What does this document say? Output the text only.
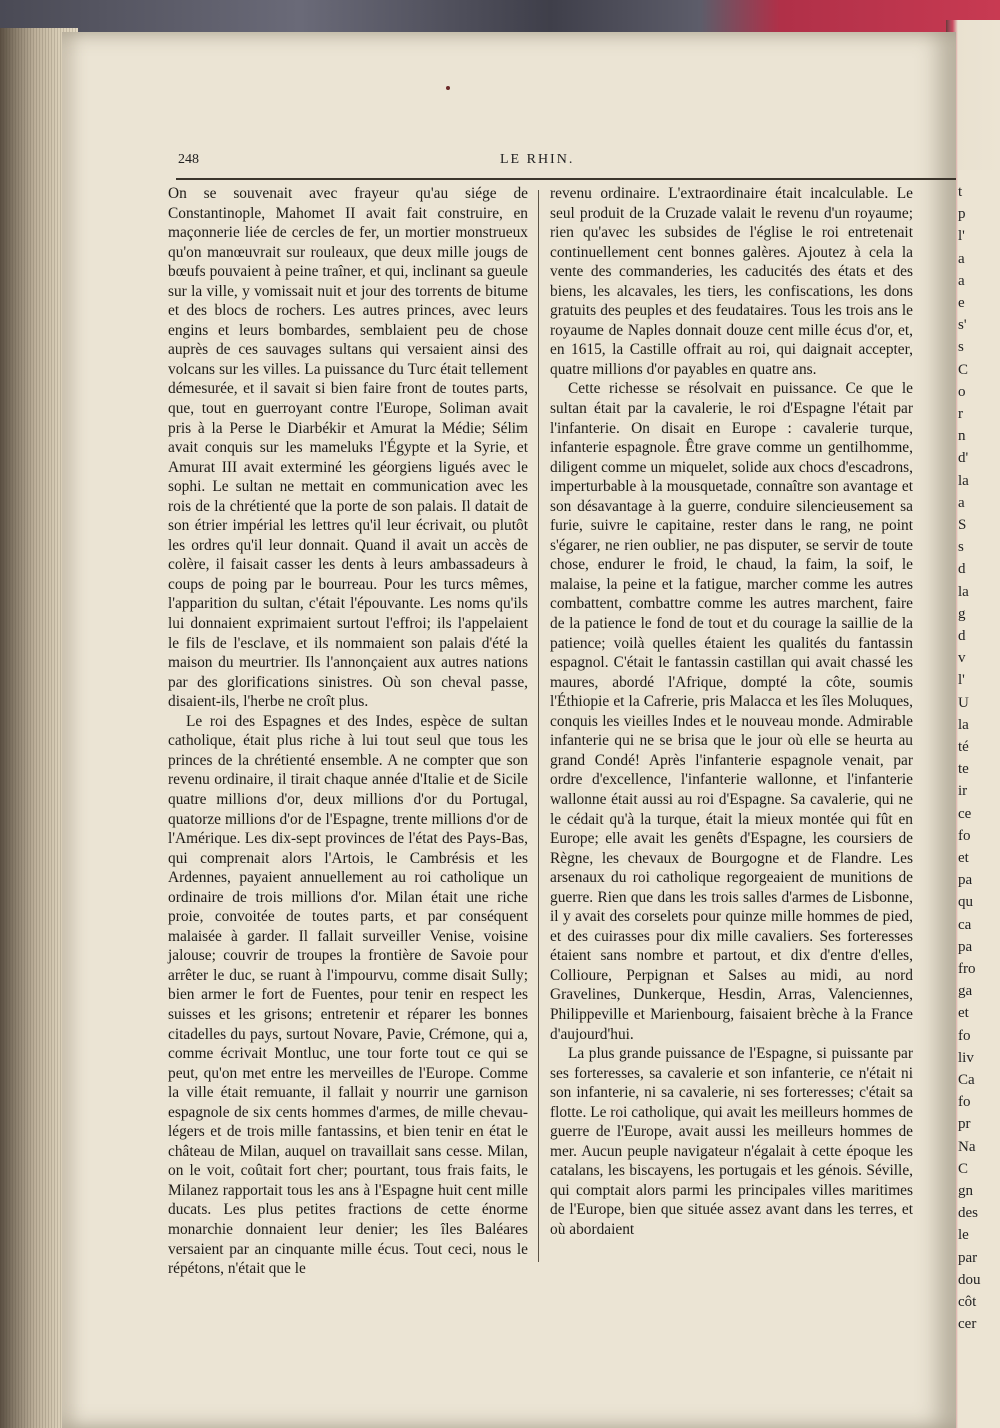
t
p
l'
a
a
e
s'
s
C
o
r
n
d'
la
a
S
s
d
la
g
d
v
l'
U
la
té
te
ir
ce
fo
et
pa
qu
ca
pa
fro
ga
et
fo
liv
Ca
fo
pr
Na
C
gn
des
le
par
dou
côt
cer
248	LE RHIN.

On se souvenait avec frayeur qu'au siége de Constantinople, Mahomet II avait fait construire, en maçonnerie liée de cercles de fer, un mortier monstrueux qu'on manœuvrait sur rouleaux, que deux mille jougs de bœufs pouvaient à peine traîner, et qui, inclinant sa gueule sur la ville, y vomissait nuit et jour des torrents de bitume et des blocs de rochers. Les autres princes, avec leurs engins et leurs bombardes, semblaient peu de chose auprès de ces sauvages sultans qui versaient ainsi des volcans sur les villes. La puissance du Turc était tellement démesurée, et il savait si bien faire front de toutes parts, que, tout en guerroyant contre l'Europe, Soliman avait pris à la Perse le Diarbékir et Amurat la Médie; Sélim avait conquis sur les mameluks l'Égypte et la Syrie, et Amurat III avait exterminé les géorgiens ligués avec le sophi. Le sultan ne mettait en communication avec les rois de la chrétienté que la porte de son palais. Il datait de son étrier impérial les lettres qu'il leur écrivait, ou plutôt les ordres qu'il leur donnait. Quand il avait un accès de colère, il faisait casser les dents à leurs ambassadeurs à coups de poing par le bourreau. Pour les turcs mêmes, l'apparition du sultan, c'était l'épouvante. Les noms qu'ils lui donnaient exprimaient surtout l'effroi; ils l'appelaient le fils de l'esclave, et ils nommaient son palais d'été la maison du meurtrier. Ils l'annonçaient aux autres nations par des glorifications sinistres. Où son cheval passe, disaient-ils, l'herbe ne croît plus.

Le roi des Espagnes et des Indes, espèce de sultan catholique, était plus riche à lui tout seul que tous les princes de la chrétienté ensemble. A ne compter que son revenu ordinaire, il tirait chaque année d'Italie et de Sicile quatre millions d'or, deux millions d'or du Portugal, quatorze millions d'or de l'Espagne, trente millions d'or de l'Amérique. Les dix-sept provinces de l'état des Pays-Bas, qui comprenait alors l'Artois, le Cambrésis et les Ardennes, payaient annuellement au roi catholique un ordinaire de trois millions d'or. Milan était une riche proie, convoitée de toutes parts, et par conséquent malaisée à garder. Il fallait surveiller Venise, voisine jalouse; couvrir de troupes la frontière de Savoie pour arrêter le duc, se ruant à l'impourvu, comme disait Sully; bien armer le fort de Fuentes, pour tenir en respect les suisses et les grisons; entretenir et réparer les bonnes citadelles du pays, surtout Novare, Pavie, Crémone, qui a, comme écrivait Montluc, une tour forte tout ce qui se peut, qu'on met entre les merveilles de l'Europe. Comme la ville était remuante, il fallait y nourrir une garnison espagnole de six cents hommes d'armes, de mille chevau-légers et de trois mille fantassins, et bien tenir en état le château de Milan, auquel on travaillait sans cesse. Milan, on le voit, coûtait fort cher; pourtant, tous frais faits, le Milanez rapportait tous les ans à l'Espagne huit cent mille ducats. Les plus petites fractions de cette énorme monarchie donnaient leur denier; les îles Baléares versaient par an cinquante mille écus. Tout ceci, nous le répétons, n'était que le

revenu ordinaire. L'extraordinaire était incalculable. Le seul produit de la Cruzade valait le revenu d'un royaume; rien qu'avec les subsides de l'église le roi entretenait continuellement cent bonnes galères. Ajoutez à cela la vente des commanderies, les caducités des états et des biens, les alcavales, les tiers, les confiscations, les dons gratuits des peuples et des feudataires. Tous les trois ans le royaume de Naples donnait douze cent mille écus d'or, et, en 1615, la Castille offrait au roi, qui daignait accepter, quatre millions d'or payables en quatre ans.

Cette richesse se résolvait en puissance. Ce que le sultan était par la cavalerie, le roi d'Espagne l'était par l'infanterie. On disait en Europe : cavalerie turque, infanterie espagnole. Être grave comme un gentilhomme, diligent comme un miquelet, solide aux chocs d'escadrons, imperturbable à la mousquetade, connaître son avantage et son désavantage à la guerre, conduire silencieusement sa furie, suivre le capitaine, rester dans le rang, ne point s'égarer, ne rien oublier, ne pas disputer, se servir de toute chose, endurer le froid, le chaud, la faim, la soif, le malaise, la peine et la fatigue, marcher comme les autres combattent, combattre comme les autres marchent, faire de la patience le fond de tout et du courage la saillie de la patience; voilà quelles étaient les qualités du fantassin espagnol. C'était le fantassin castillan qui avait chassé les maures, abordé l'Afrique, dompté la côte, soumis l'Éthiopie et la Cafrerie, pris Malacca et les îles Moluques, conquis les vieilles Indes et le nouveau monde. Admirable infanterie qui ne se brisa que le jour où elle se heurta au grand Condé! Après l'infanterie espagnole venait, par ordre d'excellence, l'infanterie wallonne, et l'infanterie wallonne était aussi au roi d'Espagne. Sa cavalerie, qui ne le cédait qu'à la turque, était la mieux montée qui fût en Europe; elle avait les genêts d'Espagne, les coursiers de Règne, les chevaux de Bourgogne et de Flandre. Les arsenaux du roi catholique regorgeaient de munitions de guerre. Rien que dans les trois salles d'armes de Lisbonne, il y avait des corselets pour quinze mille hommes de pied, et des cuirasses pour dix mille cavaliers. Ses forteresses étaient sans nombre et partout, et dix d'entre d'elles, Collioure, Perpignan et Salses au midi, au nord Gravelines, Dunkerque, Hesdin, Arras, Valenciennes, Philippeville et Marienbourg, faisaient brèche à la France d'aujourd'hui.

La plus grande puissance de l'Espagne, si puissante par ses forteresses, sa cavalerie et son infanterie, ce n'était ni son infanterie, ni sa cavalerie, ni ses forteresses; c'était sa flotte. Le roi catholique, qui avait les meilleurs hommes de guerre de l'Europe, avait aussi les meilleurs hommes de mer. Aucun peuple navigateur n'égalait à cette époque les catalans, les biscayens, les portugais et les génois. Séville, qui comptait alors parmi les principales villes maritimes de l'Europe, bien que située assez avant dans les terres, et où abordaient
